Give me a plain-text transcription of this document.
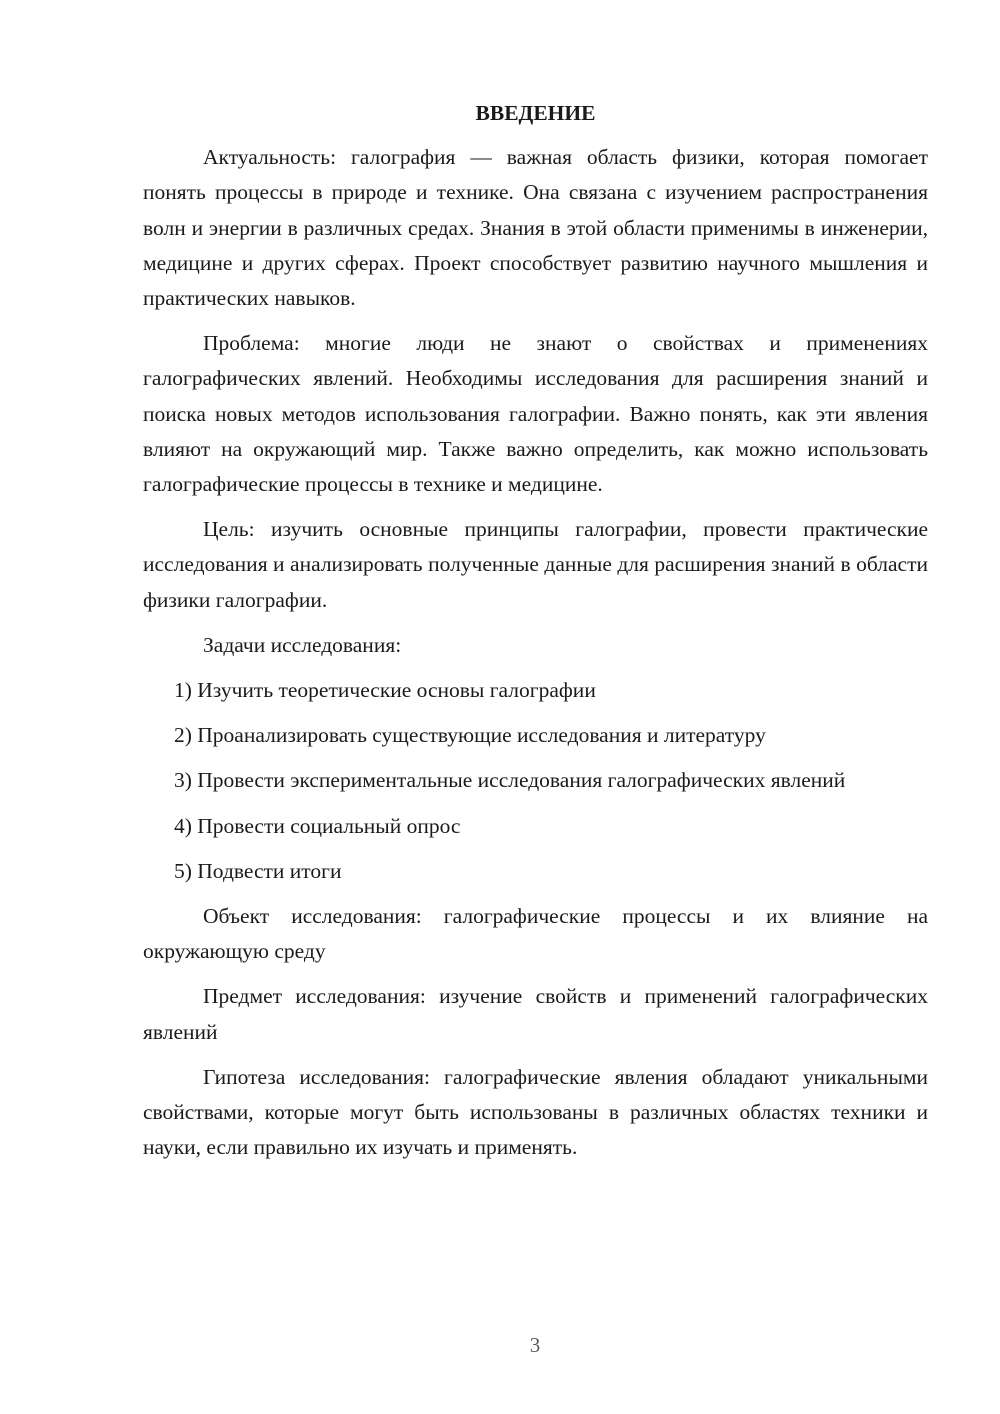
ВВЕДЕНИЕ

Актуальность: галография — важная область физики, которая помогает понять процессы в природе и технике. Она связана с изучением распространения волн и энергии в различных средах. Знания в этой области применимы в инженерии, медицине и других сферах. Проект способствует развитию научного мышления и практических навыков.

Проблема: многие люди не знают о свойствах и применениях галографических явлений. Необходимы исследования для расширения знаний и поиска новых методов использования галографии. Важно понять, как эти явления влияют на окружающий мир. Также важно определить, как можно использовать галографические процессы в технике и медицине.

Цель: изучить основные принципы галографии, провести практические исследования и анализировать полученные данные для расширения знаний в области физики галографии.

Задачи исследования:

1) Изучить теоретические основы галографии

2) Проанализировать существующие исследования и литературу

3) Провести экспериментальные исследования галографических явлений

4) Провести социальный опрос

5) Подвести итоги

Объект исследования: галографические процессы и их влияние на окружающую среду

Предмет исследования: изучение свойств и применений галографических явлений

Гипотеза исследования: галографические явления обладают уникальными свойствами, которые могут быть использованы в различных областях техники и науки, если правильно их изучать и применять.

3
